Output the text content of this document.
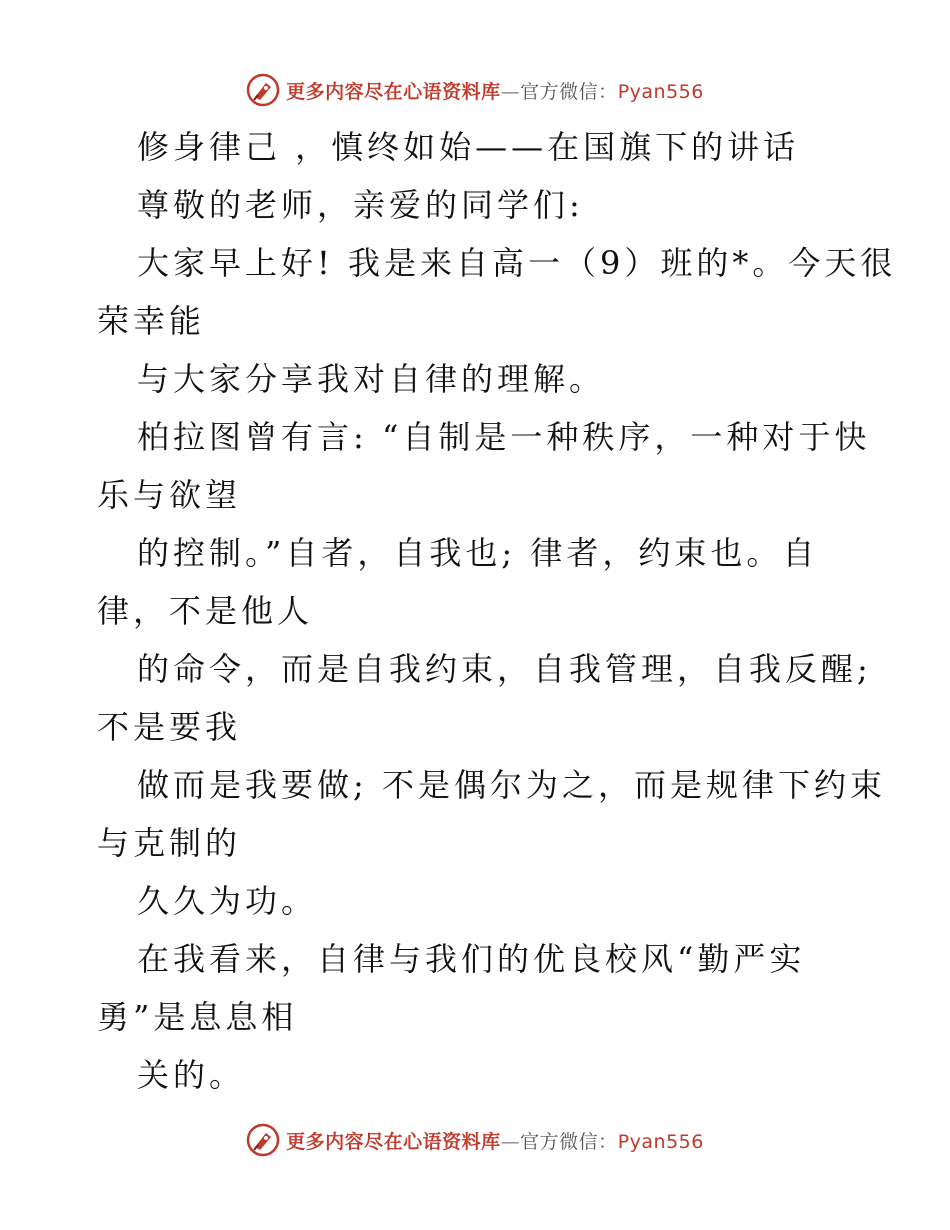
更多内容尽在心语资料库—官方微信：Pyan556
修身律己 ，慎终如始——在国旗下的讲话
尊敬的老师，亲爱的同学们:
大家早上好! 我是来自高一（9）班的*。今天很
荣幸能
与大家分享我对自律的理解。
柏拉图曾有言: “自制是一种秩序，一种对于快
乐与欲望
的控制。”自者，自我也; 律者，约束也。自
律，不是他人
的命令，而是自我约束，自我管理，自我反醒;
不是要我
做而是我要做; 不是偶尔为之，而是规律下约束
与克制的
久久为功。
在我看来，自律与我们的优良校风“勤严实
勇”是息息相
关的。
更多内容尽在心语资料库—官方微信：Pyan556
